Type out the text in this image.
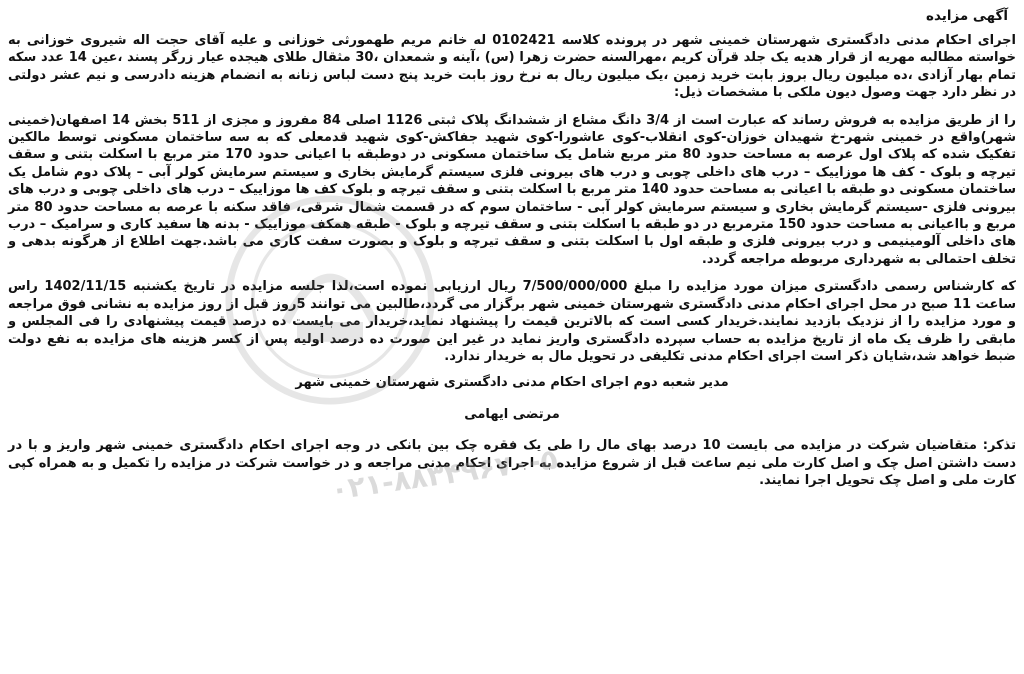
آگهی مزایده

اجرای احکام مدنی دادگستری شهرستان خمینی شهر در پرونده کلاسه 0102421 له خانم مریم طهمورثی خوزانی و علیه آقای حجت اله شیروی خوزانی به خواسته مطالبه مهریه از قرار هدیه یک جلد قرآن کریم ،مهرالسنه حضرت زهرا (س) ،آینه و شمعدان ،30 مثقال طلای هیجده عیار زرگر پسند ،عین 14 عدد سکه تمام بهار آزادی ،ده میلیون ریال بروز بابت خرید زمین ،یک میلیون ریال به نرخ روز بابت خرید پنج دست لباس زنانه به انضمام هزینه دادرسی و نیم عشر دولتی در نظر دارد جهت وصول دیون ملکی با مشخصات ذیل:

را از طریق مزایده به فروش رساند که عبارت است از 3/4 دانگ مشاع از ششدانگ پلاک ثبتی 1126 اصلی 84 مفروز و مجزی از 511 بخش 14 اصفهان(خمینی شهر)واقع در خمینی شهر-خ شهیدان خوزان-کوی انقلاب-کوی عاشورا-کوی شهید جفاکش-کوی شهید قدمعلی که به سه ساختمان مسکونی توسط مالکین تفکیک شده که پلاک اول عرصه به مساحت حدود 80 متر مربع شامل یک ساختمان مسکونی در دوطبقه با اعیانی حدود 170 متر مربع با اسکلت بتنی و سقف تیرچه و بلوک - کف ها موزاییک – درب های داخلی چوبی و درب های بیرونی فلزی سیستم گرمایش بخاری و سیستم سرمایش کولر آبی – پلاک دوم شامل یک ساختمان مسکونی دو طبقه با اعیانی به مساحت حدود 140 متر مربع با اسکلت بتنی و سقف تیرچه و بلوک کف ها موزاییک – درب های داخلی چوبی و درب های بیرونی فلزی -سیستم گرمایش بخاری و سیستم سرمایش کولر آبی - ساختمان سوم که در قسمت شمال شرقی، فاقد سکنه با عرصه به مساحت حدود 80 متر مربع و بااعیانی به مساحت حدود 150 مترمربع در دو طبقه با اسکلت بتنی و سقف تیرچه و بلوک - طبقه همکف موزاییک - بدنه ها سفید کاری و سرامیک – درب های داخلی آلومینیمی و درب بیرونی فلزی و طبقه اول با اسکلت بتنی و سقف تیرچه و بلوک و بصورت سفت کاری می باشد.جهت اطلاع از هرگونه بدهی و تخلف احتمالی به شهرداری مربوطه مراجعه گردد.

که کارشناس رسمی دادگستری میزان مورد مزایده را مبلغ 7/500/000/000 ریال ارزیابی نموده است،لذا جلسه مزایده در تاریخ یکشنبه 1402/11/15 راس ساعت 11 صبح در محل اجرای احکام مدنی دادگستری شهرستان خمینی شهر برگزار می گردد،طالبین می توانند 5روز قبل از روز مزایده به نشانی فوق مراجعه و مورد مزایده را از نزدیک بازدید نمایند.خریدار کسی است که بالاترین قیمت را پیشنهاد نماید،خریدار می بایست ده درصد قیمت پیشنهادی را فی المجلس و مابقی را ظرف یک ماه از تاریخ مزایده به حساب سپرده دادگستری واریز نماید در غیر این صورت ده درصد اولیه پس از کسر هزینه های مزایده به نفع دولت ضبط خواهد شد،شایان ذکر است اجرای احکام مدنی تکلیفی در تحویل مال به خریدار ندارد.

مدیر شعبه دوم اجرای احکام مدنی دادگستری شهرستان خمینی شهر
مرتضی ایهامی

تذکر: متقاضیان شرکت در مزایده می بایست 10 درصد بهای مال را طی یک فقره چک بین بانکی در وجه اجرای احکام دادگستری خمینی شهر واریز و با در دست داشتن اصل چک و اصل کارت ملی نیم ساعت قبل از شروع مزایده به اجرای احکام مدنی مراجعه و در خواست شرکت در مزایده را تکمیل و به همراه کپی کارت ملی و اصل چک تحویل اجرا نمایند.

۰۲۱-۸۸۳۴۹۶۷۰-۵
